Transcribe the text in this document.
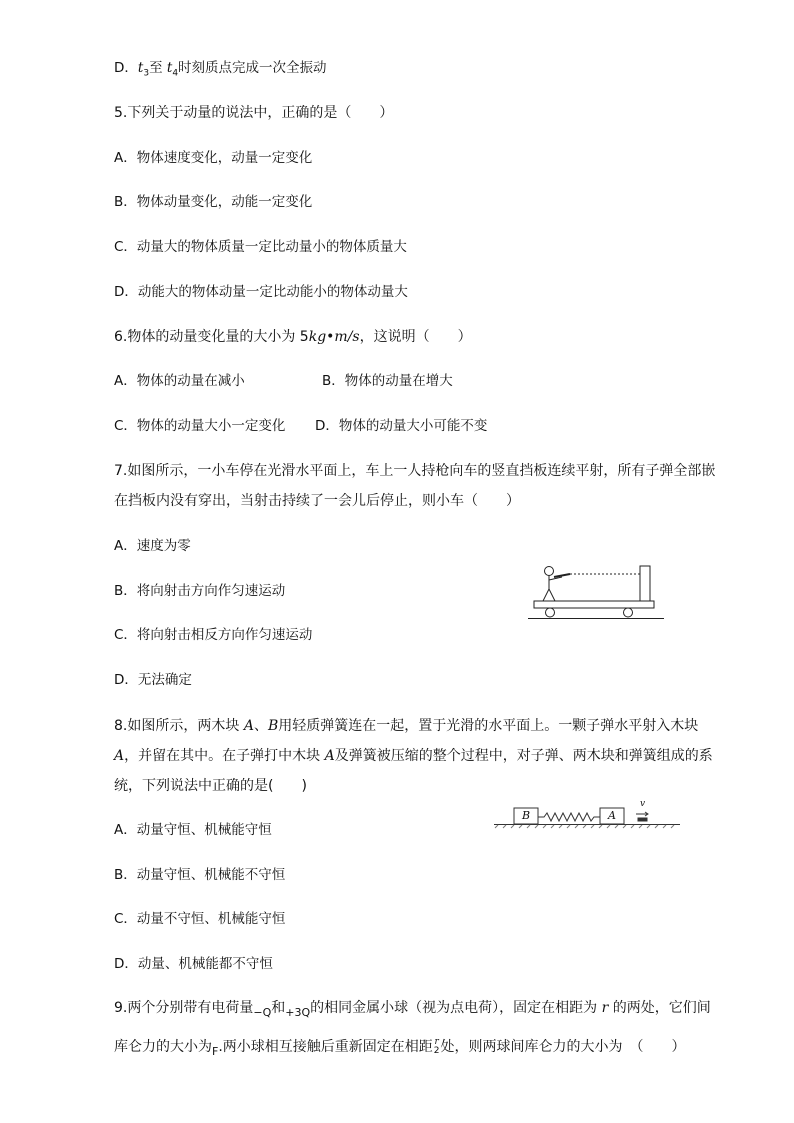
D．$t_3$至 $t_4$时刻质点完成一次全振动
5.下列关于动量的说法中，正确的是（　　）
A．物体速度变化，动量一定变化
B．物体动量变化，动能一定变化
C．动量大的物体质量一定比动量小的物体质量大
D．动能大的物体动量一定比动能小的物体动量大
6.物体的动量变化量的大小为 5kg•m/s，这说明（　　）
A．物体的动量在减小	B．物体的动量在增大
C．物体的动量大小一定变化 D．物体的动量大小可能不变
7.如图所示，一小车停在光滑水平面上，车上一人持枪向车的竖直挡板连续平射，所有子弹全部嵌在挡板内没有穿出，当射击持续了一会儿后停止，则小车（　　）
A．速度为零
B．将向射击方向作匀速运动
C．将向射击相反方向作匀速运动
D．无法确定
8.如图所示，两木块 A、B用轻质弹簧连在一起，置于光滑的水平面上。一颗子弹水平射入木块 A，并留在其中。在子弹打中木块 A及弹簧被压缩的整个过程中，对子弹、两木块和弹簧组成的系统，下列说法中正确的是(　　)
A．动量守恒、机械能守恒
B．动量守恒、机械能不守恒
C．动量不守恒、机械能守恒
D．动量、机械能都不守恒
B	A
v
9.两个分别带有电荷量$_{-Q}$和$_{+3Q}$的相同金属小球（视为点电荷），固定在相距为 r 的两处，它们间
库仑力的大小为$_F$.两小球相互接触后重新固定在相距 r
2 处，则两球间库仑力的大小为　（　　）
